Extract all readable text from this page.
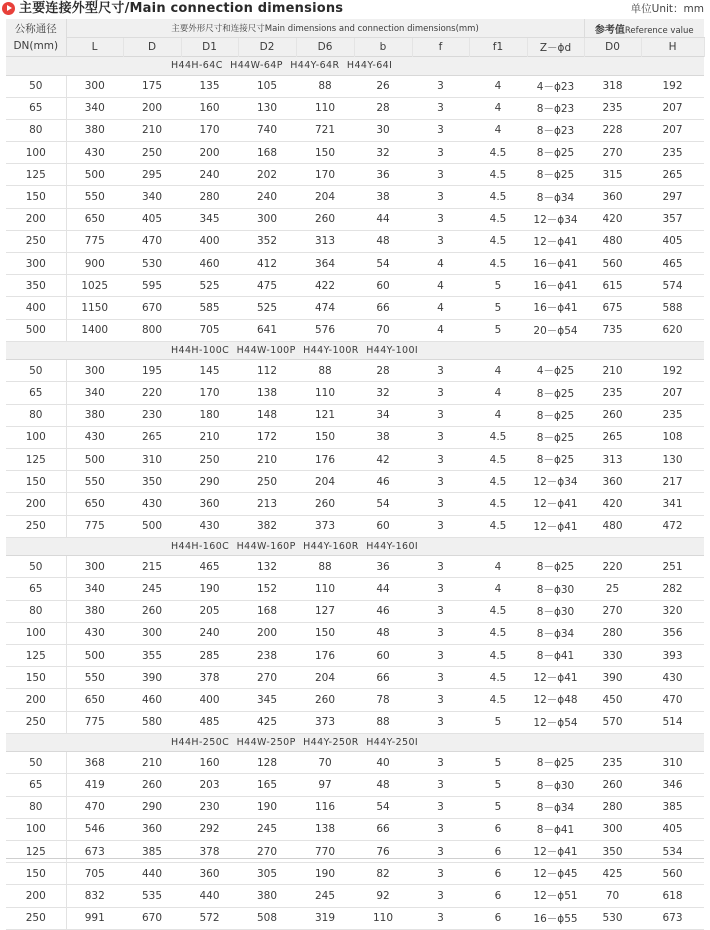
主要连接外型尺寸/Main connection dimensions	单位Unit：mm
公称通径
DN(mm)	主要外形尺寸和连接尺寸Main dimensions and connection dimensions(mm)									参考值Reference value	
	L	D	D1	D2	D6	b	f	f1	Z－ϕd	D0	H
H44H-64C H44W-64P H44Y-64R H44Y-64I											
50	300	175	135	105	88	26	3	4	4－ϕ23	318	192
65	340	200	160	130	110	28	3	4	8－ϕ23	235	207
80	380	210	170	740	721	30	3	4	8－ϕ23	228	207
100	430	250	200	168	150	32	3	4.5	8－ϕ25	270	235
125	500	295	240	202	170	36	3	4.5	8－ϕ25	315	265
150	550	340	280	240	204	38	3	4.5	8－ϕ34	360	297
200	650	405	345	300	260	44	3	4.5	12－ϕ34	420	357
250	775	470	400	352	313	48	3	4.5	12－ϕ41	480	405
300	900	530	460	412	364	54	4	4.5	16－ϕ41	560	465
350	1025	595	525	475	422	60	4	5	16－ϕ41	615	574
400	1150	670	585	525	474	66	4	5	16－ϕ41	675	588
500	1400	800	705	641	576	70	4	5	20－ϕ54	735	620
H44H-100C H44W-100P H44Y-100R H44Y-100I											
50	300	195	145	112	88	28	3	4	4－ϕ25	210	192
65	340	220	170	138	110	32	3	4	8－ϕ25	235	207
80	380	230	180	148	121	34	3	4	8－ϕ25	260	235
100	430	265	210	172	150	38	3	4.5	8－ϕ25	265	108
125	500	310	250	210	176	42	3	4.5	8－ϕ25	313	130
150	550	350	290	250	204	46	3	4.5	12－ϕ34	360	217
200	650	430	360	213	260	54	3	4.5	12－ϕ41	420	341
250	775	500	430	382	373	60	3	4.5	12－ϕ41	480	472
H44H-160C H44W-160P H44Y-160R H44Y-160I											
50	300	215	465	132	88	36	3	4	8－ϕ25	220	251
65	340	245	190	152	110	44	3	4	8－ϕ30	25	282
80	380	260	205	168	127	46	3	4.5	8－ϕ30	270	320
100	430	300	240	200	150	48	3	4.5	8－ϕ34	280	356
125	500	355	285	238	176	60	3	4.5	8－ϕ41	330	393
150	550	390	378	270	204	66	3	4.5	12－ϕ41	390	430
200	650	460	400	345	260	78	3	4.5	12－ϕ48	450	470
250	775	580	485	425	373	88	3	5	12－ϕ54	570	514
H44H-250C H44W-250P H44Y-250R H44Y-250I											
50	368	210	160	128	70	40	3	5	8－ϕ25	235	310
65	419	260	203	165	97	48	3	5	8－ϕ30	260	346
80	470	290	230	190	116	54	3	5	8－ϕ34	280	385
100	546	360	292	245	138	66	3	6	8－ϕ41	300	405
125	673	385	378	270	770	76	3	6	12－ϕ41	350	534
150	705	440	360	305	190	82	3	6	12－ϕ45	425	560
200	832	535	440	380	245	92	3	6	12－ϕ51	70	618
250	991	670	572	508	319	110	3	6	16－ϕ55	530	673
